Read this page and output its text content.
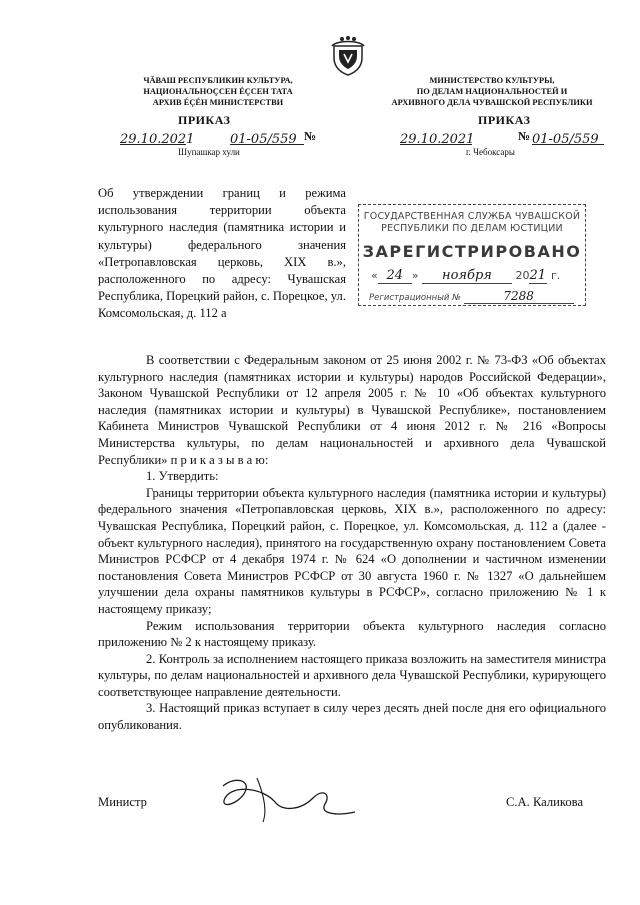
ЧĂВАШ РЕСПУБЛИКИН КУЛЬТУРА,
НАЦИОНАЛЬНОÇСЕН ÉÇСЕН ТАТА
АРХИВ ÉÇÉН МИНИСТЕРСТВИ
МИНИСТЕРСТВО КУЛЬТУРЫ,
ПО ДЕЛАМ НАЦИОНАЛЬНОСТЕЙ И
АРХИВНОГО ДЕЛА ЧУВАШСКОЙ РЕСПУБЛИКИ
ПРИКАЗ	ПРИКАЗ
29.10.2021	01-05/559 №
Шупашкар хули
29.10.2021	№ 01-05/559
г. Чебоксары
Об утверждении границ и режима использования территории объекта культурного наследия (памятника истории и культуры) федерального значения «Петропавловская церковь, XIX в.», расположенного по адресу: Чувашская Республика, Порецкий район, с. Порецкое, ул. Комсомольская, д. 112 а
ГОСУДАРСТВЕННАЯ СЛУЖБА ЧУВАШСКОЙ
РЕСПУБЛИКИ ПО ДЕЛАМ ЮСТИЦИИ
ЗАРЕГИСТРИРОВАНО
« 24 » ноября 2021 г.
Регистрационный №	7288

В соответствии с Федеральным законом от 25 июня 2002 г. № 73-ФЗ «Об объектах культурного наследия (памятниках истории и культуры) народов Российской Федерации», Законом Чувашской Республики от 12 апреля 2005 г. № 10 «Об объектах культурного наследия (памятниках истории и культуры) в Чувашской Республике», постановлением Кабинета Министров Чувашской Республики от 4 июня 2012 г. № 216 «Вопросы Министерства культуры, по делам национальностей и архивного дела Чувашской Республики» п р и к а з ы в а ю:

1. Утвердить:

Границы территории объекта культурного наследия (памятника истории и культуры) федерального значения «Петропавловская церковь, XIX в.», расположенного по адресу: Чувашская Республика, Порецкий район, с. Порецкое, ул. Комсомольская, д. 112 а (далее - объект культурного наследия), принятого на государственную охрану постановлением Совета Министров РСФСР от 4 декабря 1974 г. № 624 «О дополнении и частичном изменении постановления Совета Министров РСФСР от 30 августа 1960 г. № 1327 «О дальнейшем улучшении дела охраны памятников культуры в РСФСР», согласно приложению № 1 к настоящему приказу;

Режим использования территории объекта культурного наследия согласно приложению № 2 к настоящему приказу.

2. Контроль за исполнением настоящего приказа возложить на заместителя министра культуры, по делам национальностей и архивного дела Чувашской Республики, курирующего соответствующее направление деятельности.

3. Настоящий приказ вступает в силу через десять дней после дня его официального опубликования.

Министр	С.А. Каликова
